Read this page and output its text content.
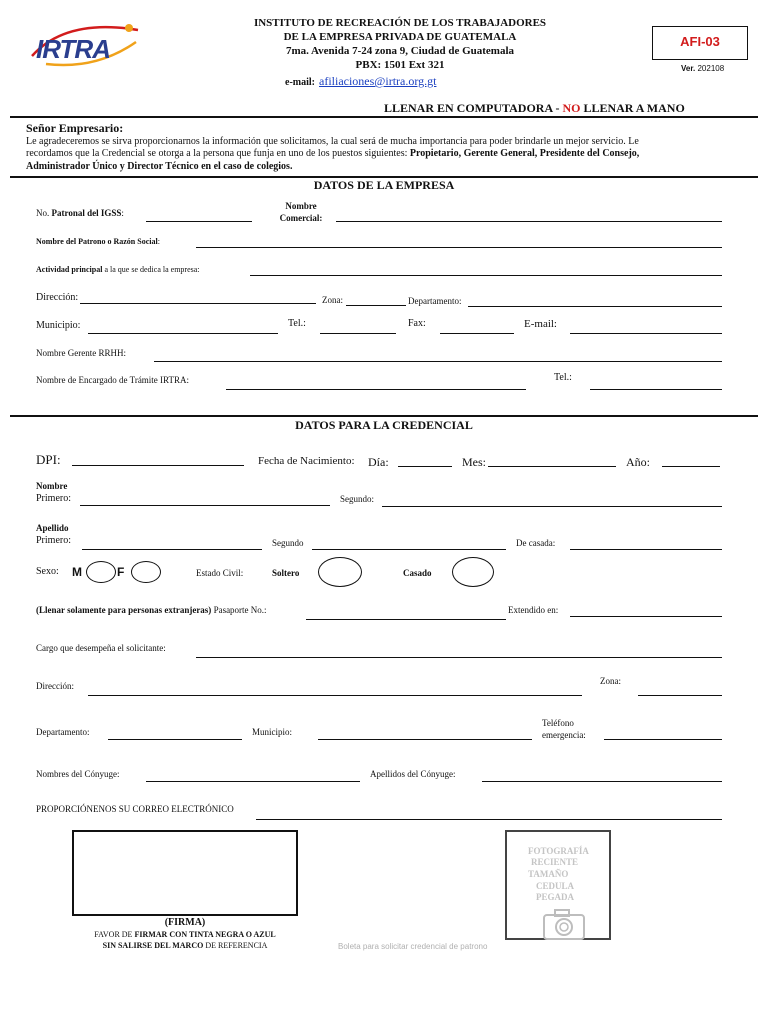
IRTRA
INSTITUTO DE RECREACIÓN DE LOS TRABAJADORES
DE LA EMPRESA PRIVADA DE GUATEMALA
7ma. Avenida 7-24 zona 9, Ciudad de Guatemala
PBX: 1501 Ext 321
e-mail: afiliaciones@irtra.org.gt
AFI-03
Ver. 202108
LLENAR EN COMPUTADORA - NO LLENAR A MANO
Señor Empresario:
Le agradeceremos se sirva proporcionarnos la información que solicitamos, la cual será de mucha importancia para poder brindarle un mejor servicio. Le
recordamos que la Credencial se otorga a la persona que funja en uno de los puestos siguientes: Propietario, Gerente General, Presidente del Consejo,
Administrador Único y Director Técnico en el caso de colegios.
DATOS DE LA EMPRESA
No. Patronal del IGSS:
Nombre
Comercial:
Nombre del Patrono o Razón Social:
Actividad principal a la que se dedica la empresa:
Dirección:	Zona:	Departamento:
Municipio:	Tel.:	Fax:	E-mail:
Nombre Gerente RRHH:
Nombre de Encargado de Trámite IRTRA:	Tel.:
DATOS PARA LA CREDENCIAL
DPI:	Fecha de Nacimiento: Día:	Mes:	Año:
Nombre
Primero:	Segundo:
Apellido
Primero:	Segundo	De casada:
Sexo: M	F	Estado Civil:	Soltero	Casado
(Llenar solamente para personas extranjeras) Pasaporte No.:	Extendido en:
Cargo que desempeña el solicitante:
Dirección:	Zona:
Departamento:	Municipio:
Teléfono
emergencia:
Nombres del Cónyuge:	Apellidos del Cónyuge:
PROPORCIÓNENOS SU CORREO ELECTRÓNICO
(FIRMA)
FAVOR DE FIRMAR CON TINTA NEGRA O AZUL
SIN SALIRSE DEL MARCO DE REFERENCIA
FOTOGRAFÍA
RECIENTE
TAMAÑO
CEDULA
PEGADA
Boleta para solicitar credencial de patrono
